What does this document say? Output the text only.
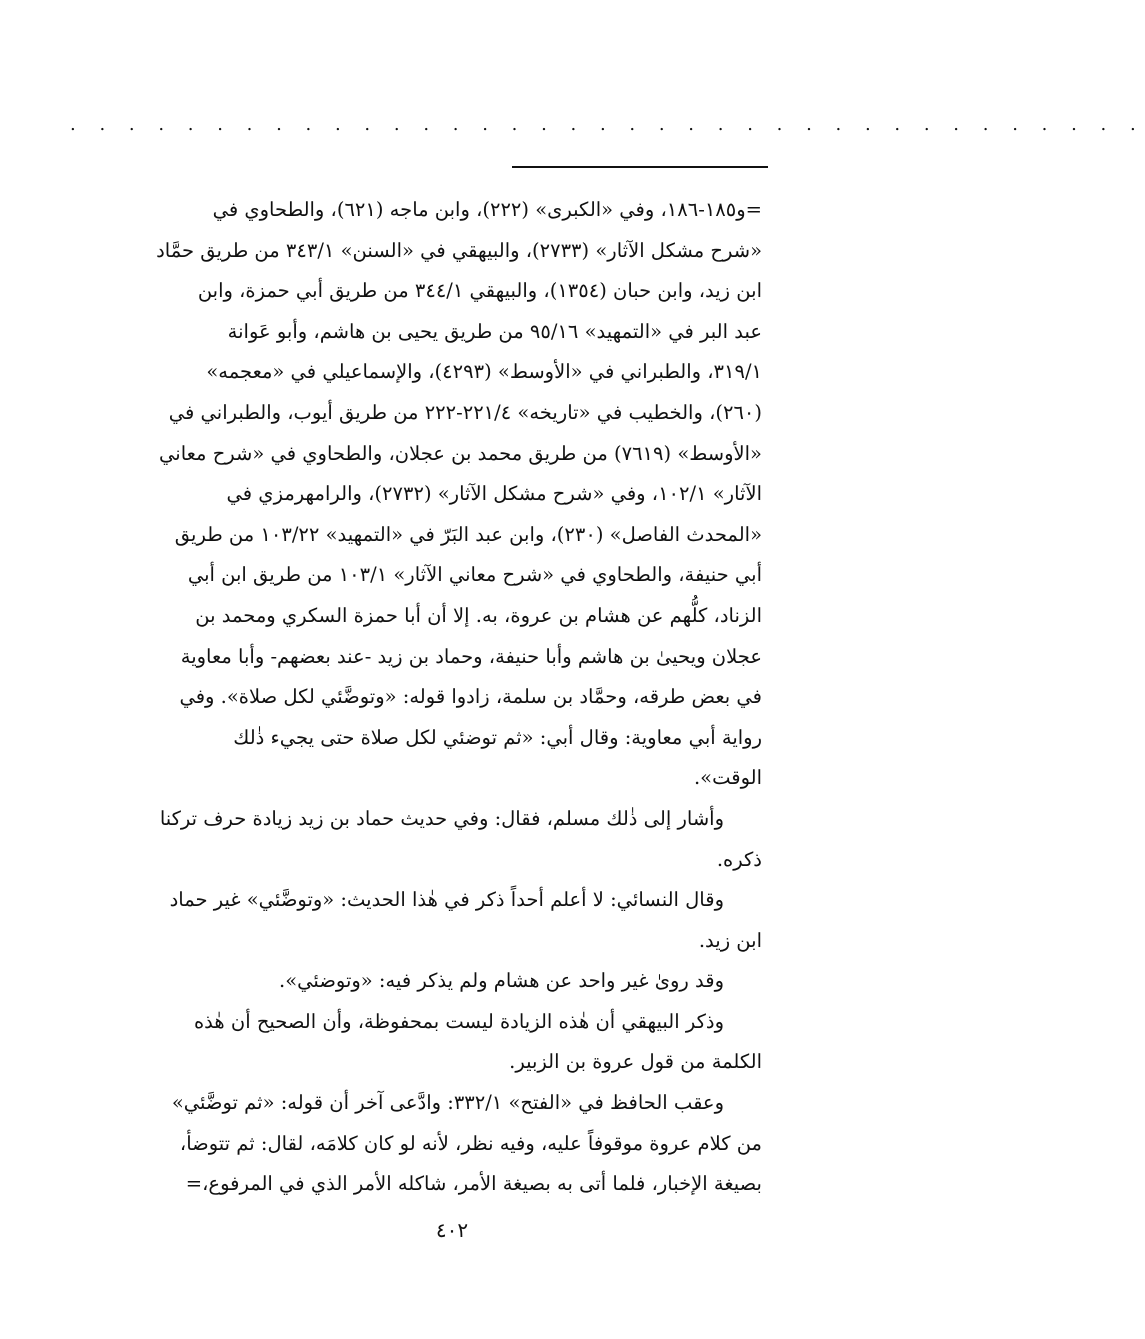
. . . . . . . . . . . . . . . . . . . . . . . . . . . . . . . . . . . . .
=و١٨٥-١٨٦، وفي «الكبرى» (٢٢٢)، وابن ماجه (٦٢١)، والطحاوي في
«شرح مشكل الآثار» (٢٧٣٣)، والبيهقي في «السنن» ٣٤٣/١ من طريق حمَّاد
ابن زيد، وابن حبان (١٣٥٤)، والبيهقي ٣٤٤/١ من طريق أبي حمزة، وابن
عبد البر في «التمهيد» ٩٥/١٦ من طريق يحيى بن هاشم، وأبو عَوانة
٣١٩/١، والطبراني في «الأوسط» (٤٢٩٣)، والإسماعيلي في «معجمه»
(٢٦٠)، والخطيب في «تاريخه» ٢٢١/٤-٢٢٢ من طريق أيوب، والطبراني في
«الأوسط» (٧٦١٩) من طريق محمد بن عجلان، والطحاوي في «شرح معاني
الآثار» ١٠٢/١، وفي «شرح مشكل الآثار» (٢٧٣٢)، والرامهرمزي في
«المحدث الفاصل» (٢٣٠)، وابن عبد البَرّ في «التمهيد» ١٠٣/٢٢ من طريق
أبي حنيفة، والطحاوي في «شرح معاني الآثار» ١٠٣/١ من طريق ابن أبي
الزناد، كلُّهم عن هشام بن عروة، به. إلا أن أبا حمزة السكري ومحمد بن
عجلان ويحيىٰ بن هاشم وأبا حنيفة، وحماد بن زيد -عند بعضهم- وأبا معاوية
في بعض طرقه، وحمَّاد بن سلمة، زادوا قوله: «وتوضَّئي لكل صلاة». وفي
رواية أبي معاوية: وقال أبي: «ثم توضئي لكل صلاة حتى يجيء ذٰلك
الوقت».
وأشار إلى ذٰلك مسلم، فقال: وفي حديث حماد بن زيد زيادة حرف تركنا
ذكره.
وقال النسائي: لا أعلم أحداً ذكر في هٰذا الحديث: «وتوضَّئي» غير حماد
ابن زيد.
وقد رویٰ غير واحد عن هشام ولم يذكر فيه: «وتوضئي».
وذكر البيهقي أن هٰذه الزيادة ليست بمحفوظة، وأن الصحيح أن هٰذه
الكلمة من قول عروة بن الزبير.
وعقب الحافظ في «الفتح» ٣٣٢/١: وادَّعى آخر أن قوله: «ثم توضَّئي»
من كلام عروة موقوفاً عليه، وفيه نظر، لأنه لو كان كلامَه، لقال: ثم تتوضأ،
بصيغة الإخبار، فلما أتى به بصيغة الأمر، شاكله الأمر الذي في المرفوع،=
٤٠٢
